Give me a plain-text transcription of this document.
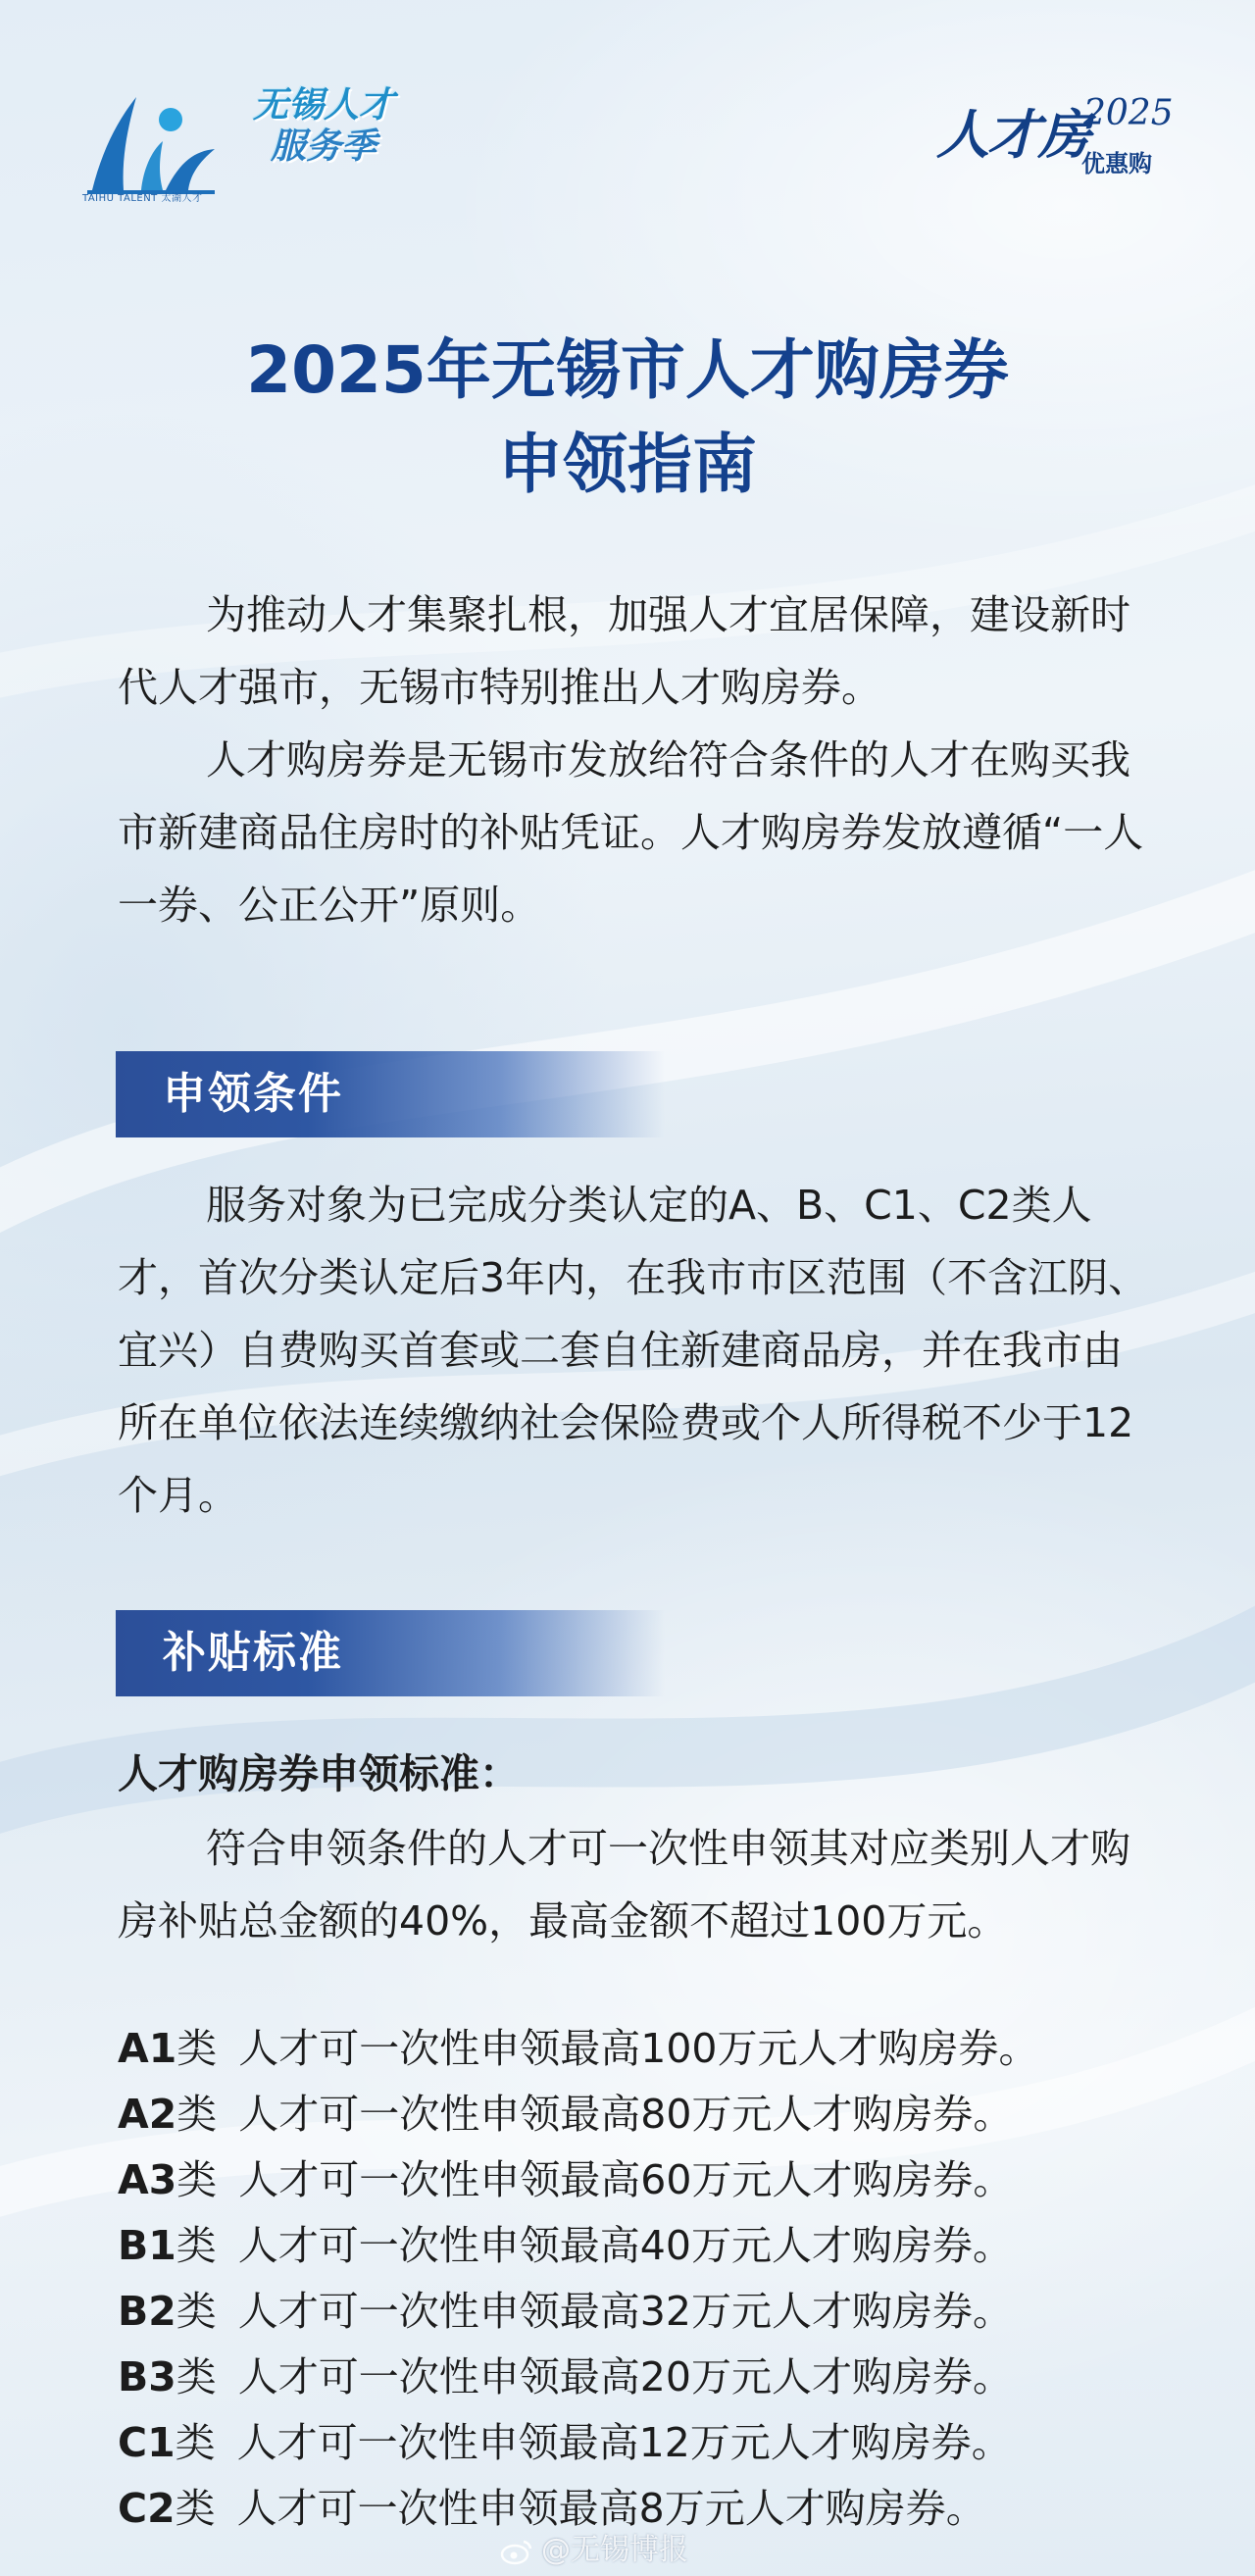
TAIHU TALENT 太湖人才
无锡人才
服务季	人才房
2025
优惠购
2025年无锡市人才购房券
申领指南

为推动人才集聚扎根，加强人才宜居保障，建设新时代人才强市，无锡市特别推出人才购房券。

人才购房券是无锡市发放给符合条件的人才在购买我市新建商品住房时的补贴凭证。人才购房券发放遵循“一人一券、公正公开”原则。

申领条件

服务对象为已完成分类认定的A、B、C1、C2类人才，首次分类认定后3年内，在我市市区范围（不含江阴、宜兴）自费购买首套或二套自住新建商品房，并在我市由所在单位依法连续缴纳社会保险费或个人所得税不少于12个月。

补贴标准
人才购房券申领标准：

符合申领条件的人才可一次性申领其对应类别人才购房补贴总金额的40%，最高金额不超过100万元。

A1类 人才可一次性申领最高100万元人才购房券。
A2类 人才可一次性申领最高80万元人才购房券。
A3类 人才可一次性申领最高60万元人才购房券。
B1类 人才可一次性申领最高40万元人才购房券。
B2类 人才可一次性申领最高32万元人才购房券。
B3类 人才可一次性申领最高20万元人才购房券。
C1类 人才可一次性申领最高12万元人才购房券。
C2类 人才可一次性申领最高8万元人才购房券。
@无锡博报
